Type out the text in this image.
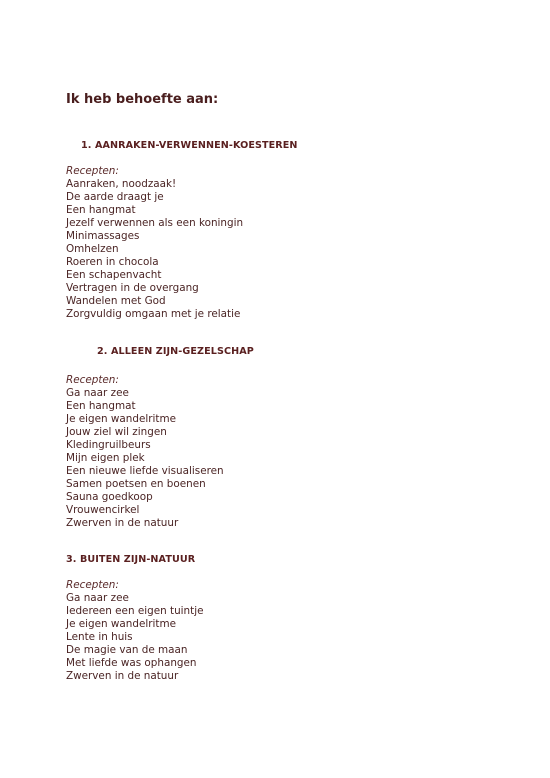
Ik heb behoefte aan:
1. AANRAKEN-VERWENNEN-KOESTEREN
Recepten:
Aanraken, noodzaak!
De aarde draagt je
Een hangmat
Jezelf verwennen als een koningin
Minimassages
Omhelzen
Roeren in chocola
Een schapenvacht
Vertragen in de overgang
Wandelen met God
Zorgvuldig omgaan met je relatie
2. ALLEEN ZIJN-GEZELSCHAP
Recepten:
Ga naar zee
Een hangmat
Je eigen wandelritme
Jouw ziel wil zingen
Kledingruilbeurs
Mijn eigen plek
Een nieuwe liefde visualiseren
Samen poetsen en boenen
Sauna goedkoop
Vrouwencirkel
Zwerven in de natuur
3. BUITEN ZIJN-NATUUR
Recepten:
Ga naar zee
Iedereen een eigen tuintje
Je eigen wandelritme
Lente in huis
De magie van de maan
Met liefde was ophangen
Zwerven in de natuur
